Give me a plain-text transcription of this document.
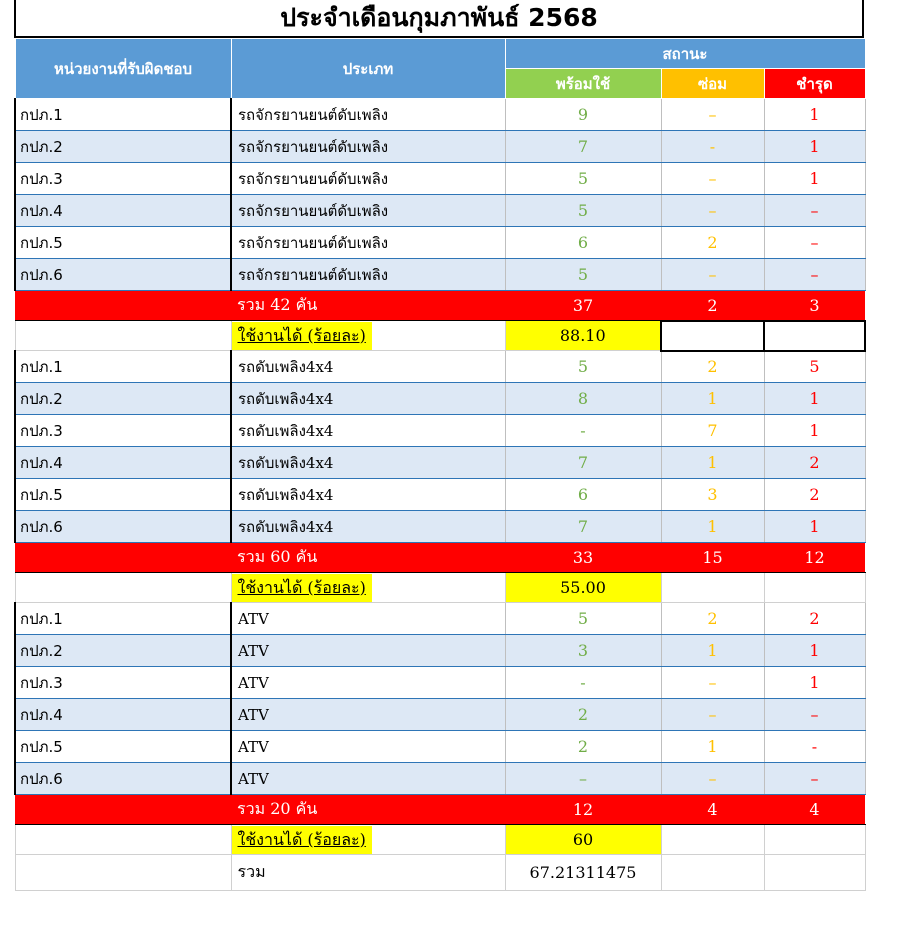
ประจำเดือนกุมภาพันธ์ 2568
หน่วยงานที่รับผิดชอบ	ประเภท	สถานะ		
		พร้อมใช้	ซ่อม	ชำรุด
กปภ.1	รถจักรยานยนต์ดับเพลิง	9	–	1
กปภ.2	รถจักรยานยนต์ดับเพลิง	7	-	1
กปภ.3	รถจักรยานยนต์ดับเพลิง	5	–	1
กปภ.4	รถจักรยานยนต์ดับเพลิง	5	–	–
กปภ.5	รถจักรยานยนต์ดับเพลิง	6	2	–
กปภ.6	รถจักรยานยนต์ดับเพลิง	5	–	–
	รวม 42 คัน	37	2	3
	ใช้งานได้ (ร้อยละ)	88.10		
กปภ.1	รถดับเพลิง4x4	5	2	5
กปภ.2	รถดับเพลิง4x4	8	1	1
กปภ.3	รถดับเพลิง4x4	-	7	1
กปภ.4	รถดับเพลิง4x4	7	1	2
กปภ.5	รถดับเพลิง4x4	6	3	2
กปภ.6	รถดับเพลิง4x4	7	1	1
	รวม 60 คัน	33	15	12
	ใช้งานได้ (ร้อยละ)	55.00		
กปภ.1	ATV	5	2	2
กปภ.2	ATV	3	1	1
กปภ.3	ATV	-	–	1
กปภ.4	ATV	2	–	–
กปภ.5	ATV	2	1	-
กปภ.6	ATV	–	–	–
	รวม 20 คัน	12	4	4
	ใช้งานได้ (ร้อยละ)	60		
	รวม	67.21311475		
